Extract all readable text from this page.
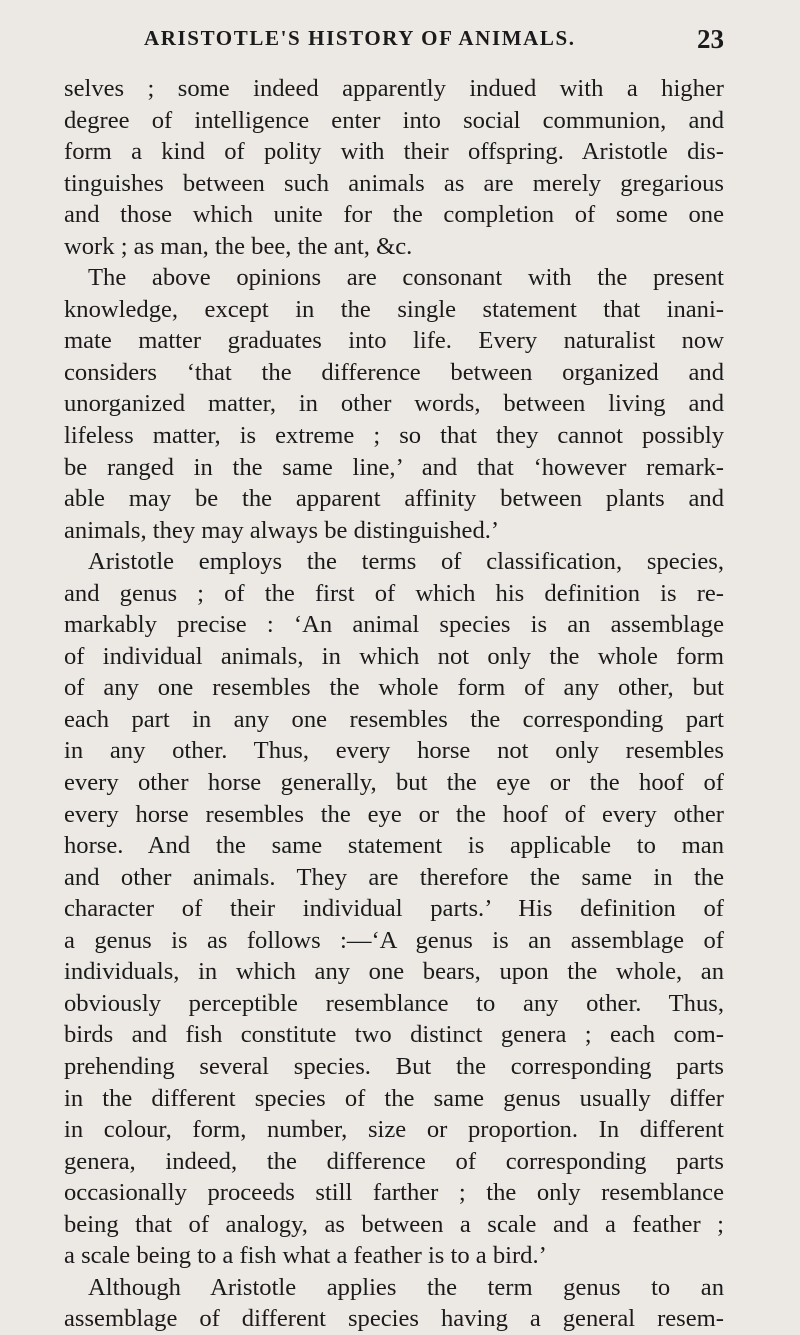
ARISTOTLE'S HISTORY OF ANIMALS.	23
selves ; some indeed apparently indued with a higher
degree of intelligence enter into social communion, and
form a kind of polity with their offspring. Aristotle dis-
tinguishes between such animals as are merely gregarious
and those which unite for the completion of some one
work ; as man, the bee, the ant, &c.
The above opinions are consonant with the present
knowledge, except in the single statement that inani-
mate matter graduates into life. Every naturalist now
considers ‘that the difference between organized and
unorganized matter, in other words, between living and
lifeless matter, is extreme ; so that they cannot possibly
be ranged in the same line,’ and that ‘however remark-
able may be the apparent affinity between plants and
animals, they may always be distinguished.’
Aristotle employs the terms of classification, species,
and genus ; of the first of which his definition is re-
markably precise : ‘An animal species is an assemblage
of individual animals, in which not only the whole form
of any one resembles the whole form of any other, but
each part in any one resembles the corresponding part
in any other. Thus, every horse not only resembles
every other horse generally, but the eye or the hoof of
every horse resembles the eye or the hoof of every other
horse. And the same statement is applicable to man
and other animals. They are therefore the same in the
character of their individual parts.’ His definition of
a genus is as follows :—‘A genus is an assemblage of
individuals, in which any one bears, upon the whole, an
obviously perceptible resemblance to any other. Thus,
birds and fish constitute two distinct genera ; each com-
prehending several species. But the corresponding parts
in the different species of the same genus usually differ
in colour, form, number, size or proportion. In different
genera, indeed, the difference of corresponding parts
occasionally proceeds still farther ; the only resemblance
being that of analogy, as between a scale and a feather ;
a scale being to a fish what a feather is to a bird.’
Although Aristotle applies the term genus to an
assemblage of different species having a general resem-
